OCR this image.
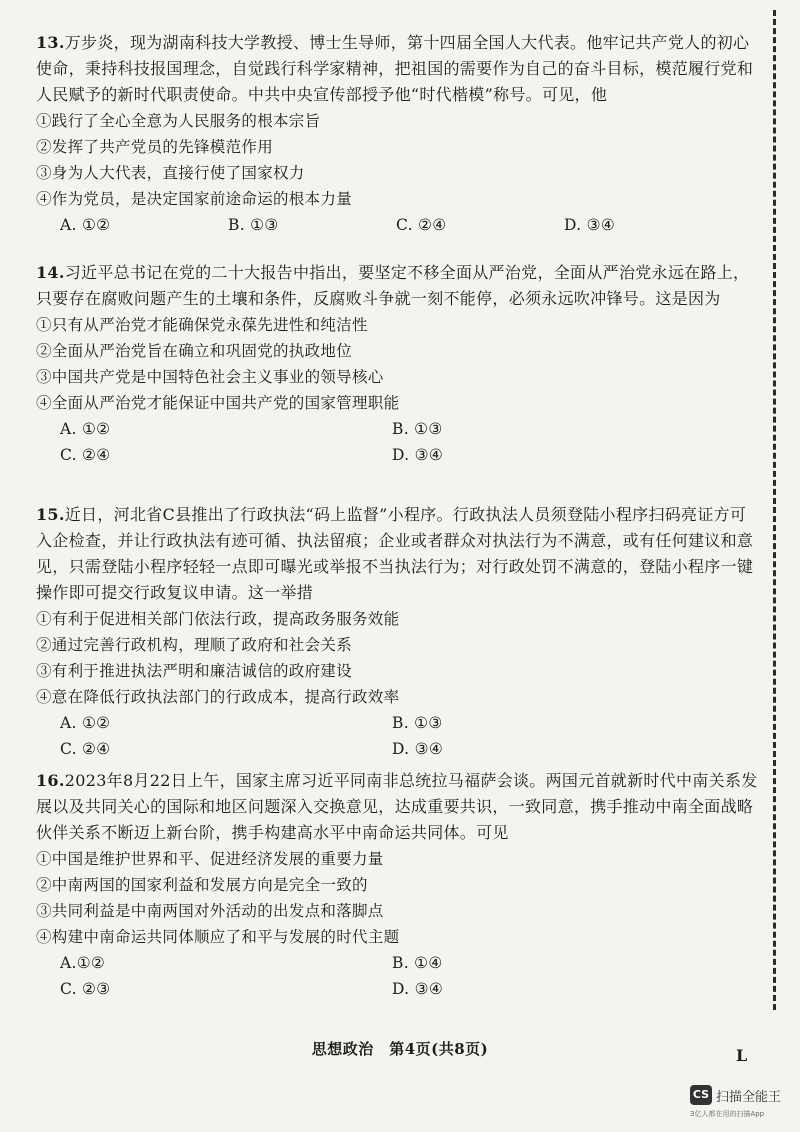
13.万步炎，现为湖南科技大学教授、博士生导师，第十四届全国人大代表。他牢记共产党人的初心使命，秉持科技报国理念，自觉践行科学家精神，把祖国的需要作为自己的奋斗目标，模范履行党和人民赋予的新时代职责使命。中共中央宣传部授予他“时代楷模”称号。可见，他

①践行了全心全意为人民服务的根本宗旨

②发挥了共产党员的先锋模范作用

③身为人大代表，直接行使了国家权力

④作为党员，是决定国家前途命运的根本力量

A. ①②	B. ①③	C. ②④	D. ③④

14.习近平总书记在党的二十大报告中指出，要坚定不移全面从严治党，全面从严治党永远在路上，只要存在腐败问题产生的土壤和条件，反腐败斗争就一刻不能停，必须永远吹冲锋号。这是因为

①只有从严治党才能确保党永葆先进性和纯洁性

②全面从严治党旨在确立和巩固党的执政地位

③中国共产党是中国特色社会主义事业的领导核心

④全面从严治党才能保证中国共产党的国家管理职能

A. ①②	B. ①③
C. ②④	D. ③④

15.近日，河北省C县推出了行政执法“码上监督”小程序。行政执法人员须登陆小程序扫码亮证方可入企检查，并让行政执法有迹可循、执法留痕；企业或者群众对执法行为不满意，或有任何建议和意见，只需登陆小程序轻轻一点即可曝光或举报不当执法行为；对行政处罚不满意的，登陆小程序一键操作即可提交行政复议申请。这一举措

①有利于促进相关部门依法行政，提高政务服务效能

②通过完善行政机构，理顺了政府和社会关系

③有利于推进执法严明和廉洁诚信的政府建设

④意在降低行政执法部门的行政成本，提高行政效率

A. ①②	B. ①③
C. ②④	D. ③④

16.2023年8月22日上午，国家主席习近平同南非总统拉马福萨会谈。两国元首就新时代中南关系发展以及共同关心的国际和地区问题深入交换意见，达成重要共识，一致同意，携手推动中南全面战略伙伴关系不断迈上新台阶，携手构建高水平中南命运共同体。可见

①中国是维护世界和平、促进经济发展的重要力量

②中南两国的国家利益和发展方向是完全一致的

③共同利益是中南两国对外活动的出发点和落脚点

④构建中南命运共同体顺应了和平与发展的时代主题

A.①②	B. ①④
C. ②③	D. ③④
思想政治　第4页(共8页)	L
CS 扫描全能王
3亿人都在用的扫描App
